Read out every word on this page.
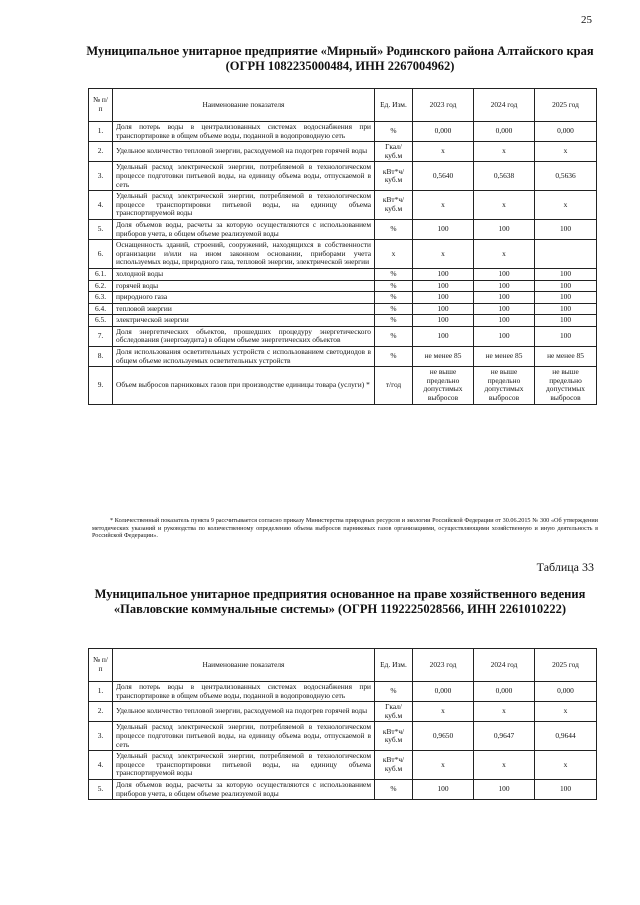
25
Муниципальное унитарное предприятие «Мирный» Родинского района Алтайского края (ОГРН 1082235000484, ИНН 2267004962)
№ п/п	Наименование показателя	Ед. Изм.	2023 год	2024 год	2025 год
1.	Доля потерь воды в централизованных системах водоснабжения при транспортировке в общем объеме воды, поданной в водопроводную сеть	%	0,000	0,000	0,000
2.	Удельное количество тепловой энергии, расходуемой на подогрев горячей воды	Гкал/ куб.м	х	х	х
3.	Удельный расход электрической энергии, потребляемой в технологическом процессе подготовки питьевой воды, на единицу объема воды, отпускаемой в сеть	кВт*ч/ куб.м	0,5640	0,5638	0,5636
4.	Удельный расход электрической энергии, потребляемой в технологическом процессе транспортировки питьевой воды, на единицу объема транспортируемой воды	кВт*ч/ куб.м	х	х	х
5.	Доля объемов воды, расчеты за которую осуществляются с использованием приборов учета, в общем объеме реализуемой воды	%	100	100	100
6.	Оснащенность зданий, строений, сооружений, находящихся в собственности организации и/или на ином законном основании, приборами учета используемых воды, природного газа, тепловой энергии, электрической энергии	х	х	х	
6.1.	холодной воды	%	100	100	100
6.2.	горячей воды	%	100	100	100
6.3.	природного газа	%	100	100	100
6.4.	тепловой энергии	%	100	100	100
6.5.	электрической энергии	%	100	100	100
7.	Доля энергетических объектов, прошедших процедуру энергетического обследования (энергоаудита) в общем объеме энергетических объектов	%	100	100	100
8.	Доля использования осветительных устройств с использованием светодиодов в общем объеме используемых осветительных устройств	%	не менее 85	не менее 85	не менее 85
9.	Объем выбросов парниковых газов при производстве единицы товара (услуги) *	т/год	не выше предельно допустимых выбросов	не выше предельно допустимых выбросов	не выше предельно допустимых выбросов
* Количественный показатель пункта 9 рассчитывается согласно приказу Министерства природных ресурсов и экологии Российской Федерации от 30.06.2015 № 300 «Об утверждении методических указаний и руководства по количественному определению объема выбросов парниковых газов организациями, осуществляющими хозяйственную и иную деятельность в Российской Федерации».
Таблица 33
Муниципальное унитарное предприятия основанное на праве хозяйственного ведения «Павловские коммунальные системы» (ОГРН 1192225028566, ИНН 2261010222)
№ п/п	Наименование показателя	Ед. Изм.	2023 год	2024 год	2025 год
1.	Доля потерь воды в централизованных системах водоснабжения при транспортировке в общем объеме воды, поданной в водопроводную сеть	%	0,000	0,000	0,000
2.	Удельное количество тепловой энергии, расходуемой на подогрев горячей воды	Гкал/ куб.м	х	х	х
3.	Удельный расход электрической энергии, потребляемой в технологическом процессе подготовки питьевой воды, на единицу объема воды, отпускаемой в сеть	кВт*ч/ куб.м	0,9650	0,9647	0,9644
4.	Удельный расход электрической энергии, потребляемой в технологическом процессе транспортировки питьевой воды, на единицу объема транспортируемой воды	кВт*ч/ куб.м	х	х	х
5.	Доля объемов воды, расчеты за которую осуществляются с использованием приборов учета, в общем объеме реализуемой воды	%	100	100	100
